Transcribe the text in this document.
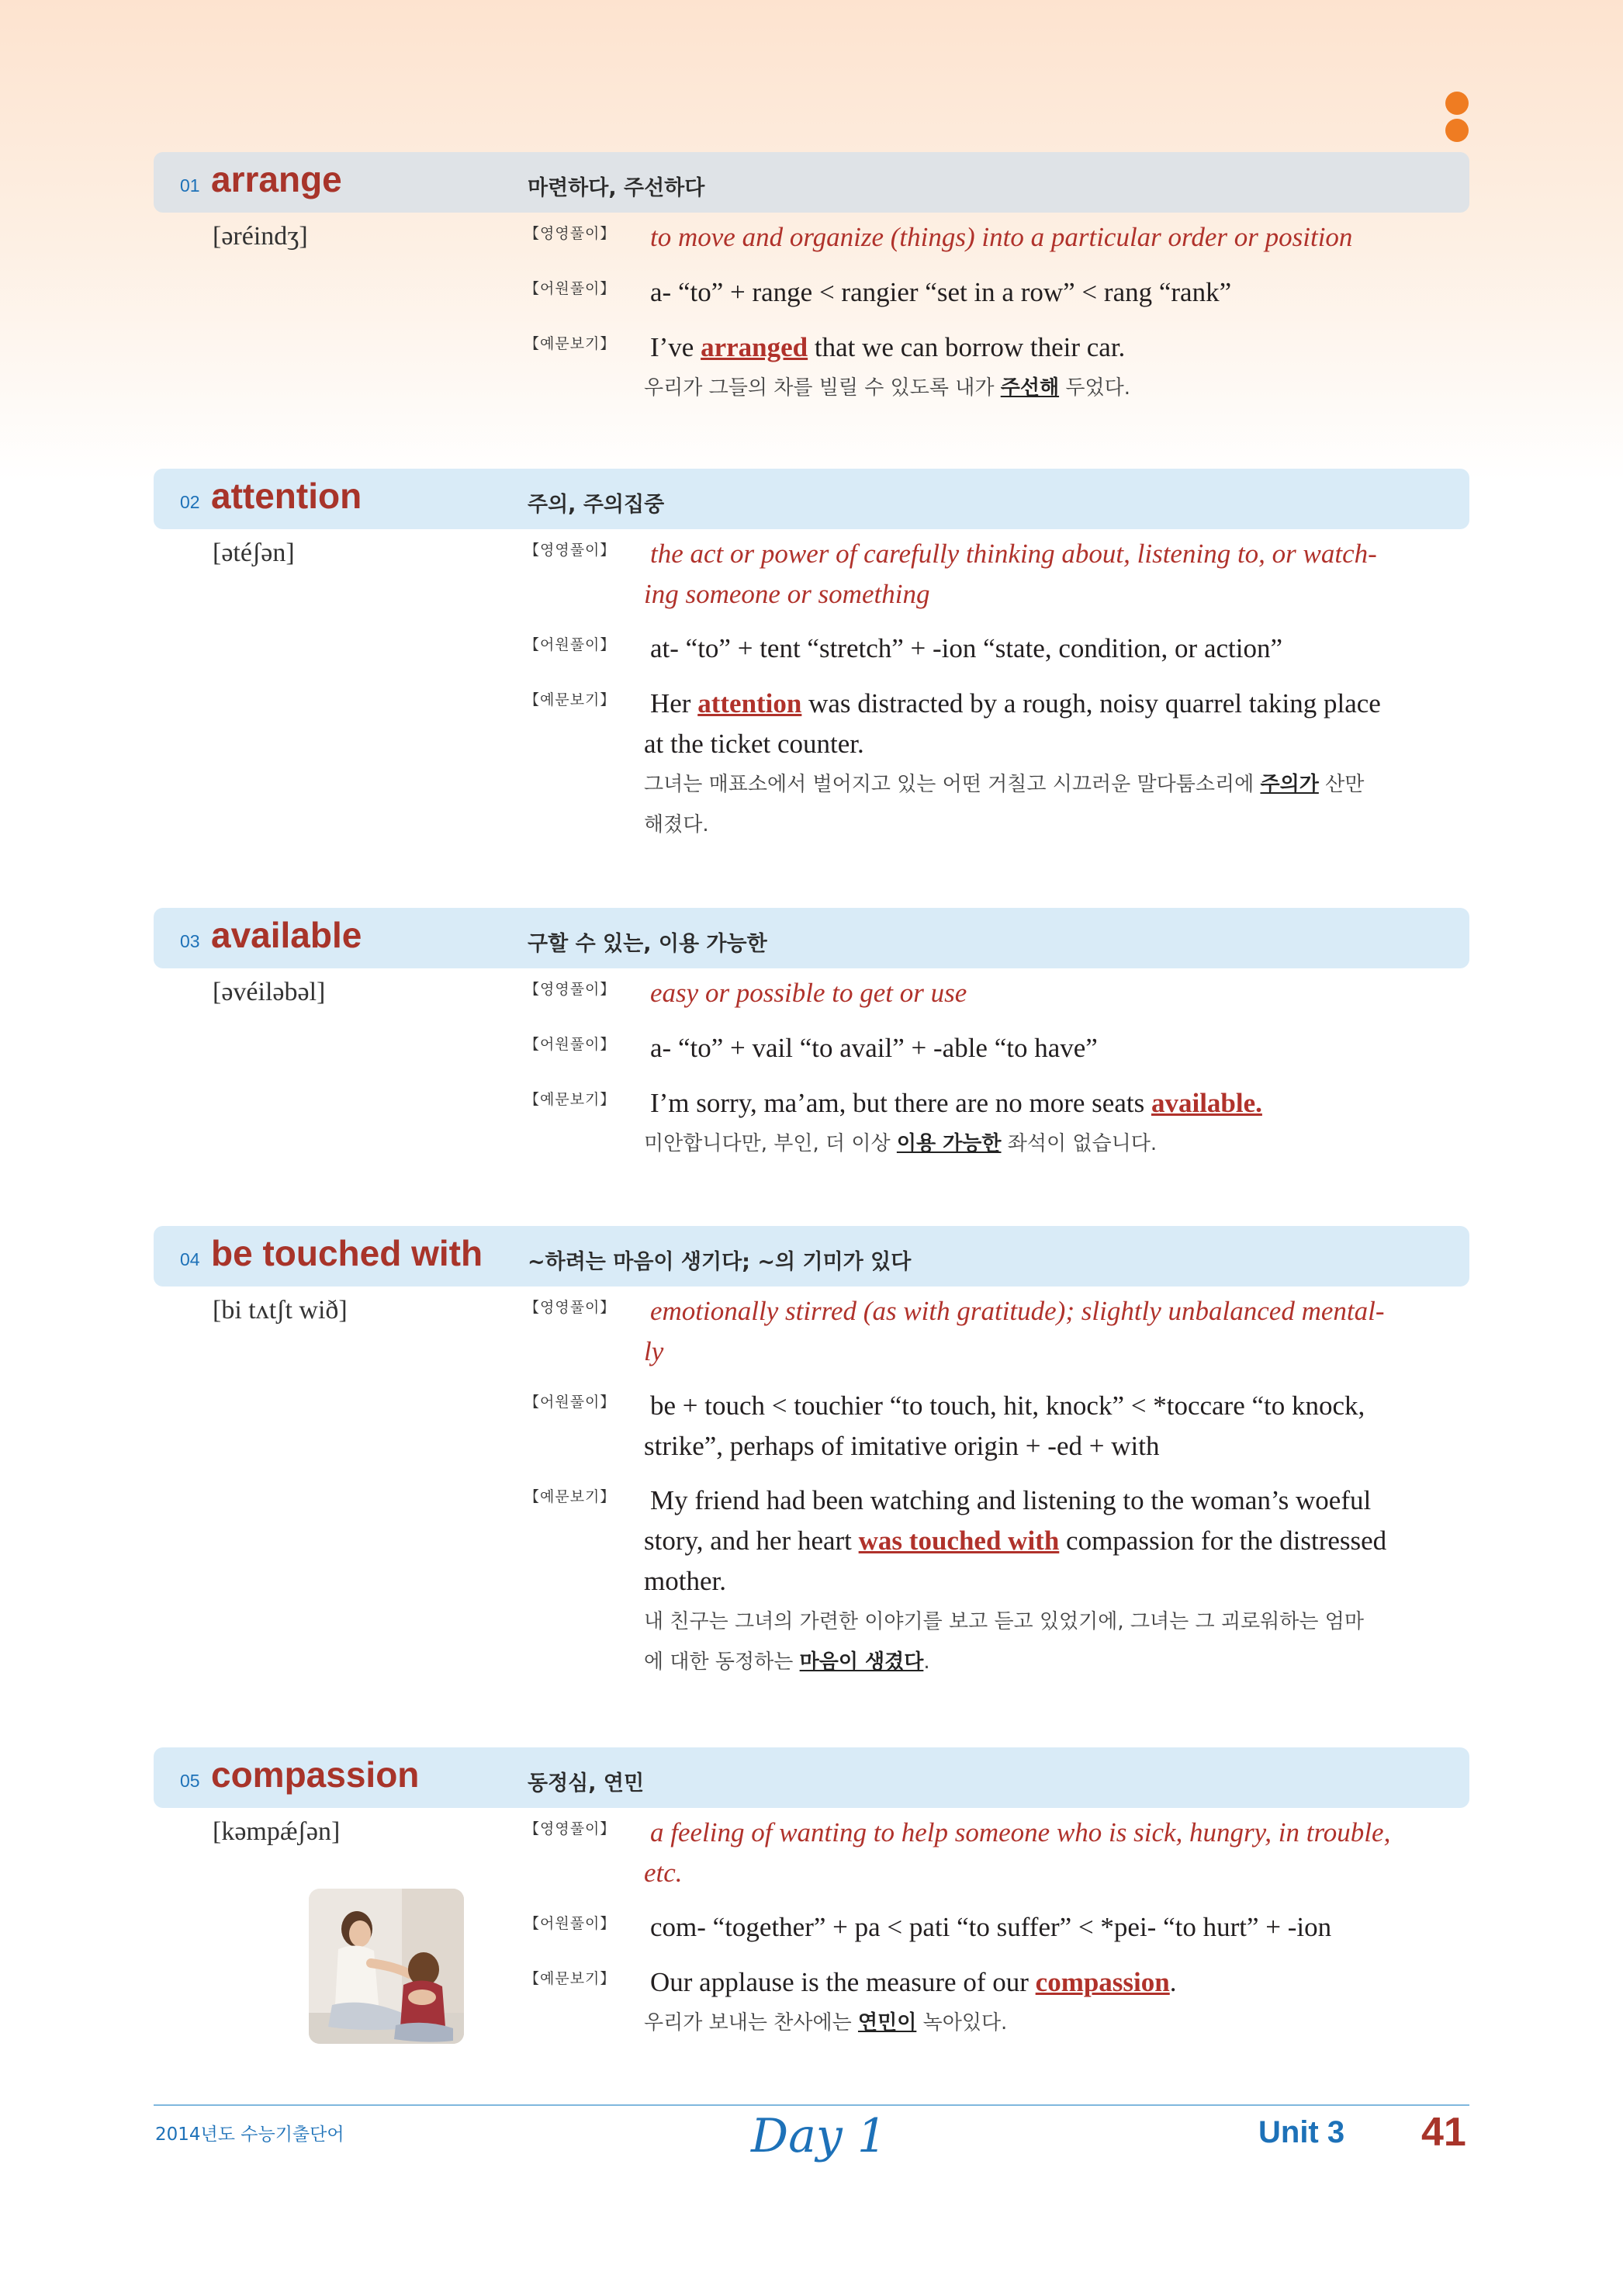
01 arrange	마련하다, 주선하다
[əréindʒ]	【영영풀이】 to move and organize (things) into a particular order or position
【어원풀이】 a- “to” + range < rangier “set in a row” < rang “rank”
【예문보기】 I’ve arranged that we can borrow their car.
우리가 그들의 차를 빌릴 수 있도록 내가 주선해 두었다.
02 attention	주의, 주의집중
[ətéʃən]	【영영풀이】 the act or power of carefully thinking about, listening to, or watch-
ing someone or something
【어원풀이】 at- “to” + tent “stretch” + -ion “state, condition, or action”
【예문보기】 Her attention was distracted by a rough, noisy quarrel taking place
at the ticket counter.
그녀는 매표소에서 벌어지고 있는 어떤 거칠고 시끄러운 말다툼소리에 주의가 산만
해졌다.
03 available	구할 수 있는, 이용 가능한
[əvéiləbəl]	【영영풀이】 easy or possible to get or use
【어원풀이】 a- “to” + vail “to avail” + -able “to have”
【예문보기】 I’m sorry, ma’am, but there are no more seats available.
미안합니다만, 부인, 더 이상 이용 가능한 좌석이 없습니다.
04 be touched with ~하려는 마음이 생기다; ~의 기미가 있다
[bi tʌtʃt wið]	【영영풀이】 emotionally stirred (as with gratitude); slightly unbalanced mental-
ly
【어원풀이】 be + touch < touchier “to touch, hit, knock” < *toccare “to knock,
strike”, perhaps of imitative origin + -ed + with
【예문보기】 My friend had been watching and listening to the woman’s woeful
story, and her heart was touched with compassion for the distressed
mother.
내 친구는 그녀의 가련한 이야기를 보고 듣고 있었기에, 그녀는 그 괴로워하는 엄마
에 대한 동정하는 마음이 생겼다.
05 compassion	동정심, 연민
[kəmpǽʃən]	【영영풀이】 a feeling of wanting to help someone who is sick, hungry, in trouble,
etc.
【어원풀이】 com- “together” + pa < pati “to suffer” < *pei- “to hurt” + -ion
【예문보기】 Our applause is the measure of our compassion.
우리가 보내는 찬사에는 연민이 녹아있다.
2014년도 수능기출단어	Day 1	Unit 3 41
